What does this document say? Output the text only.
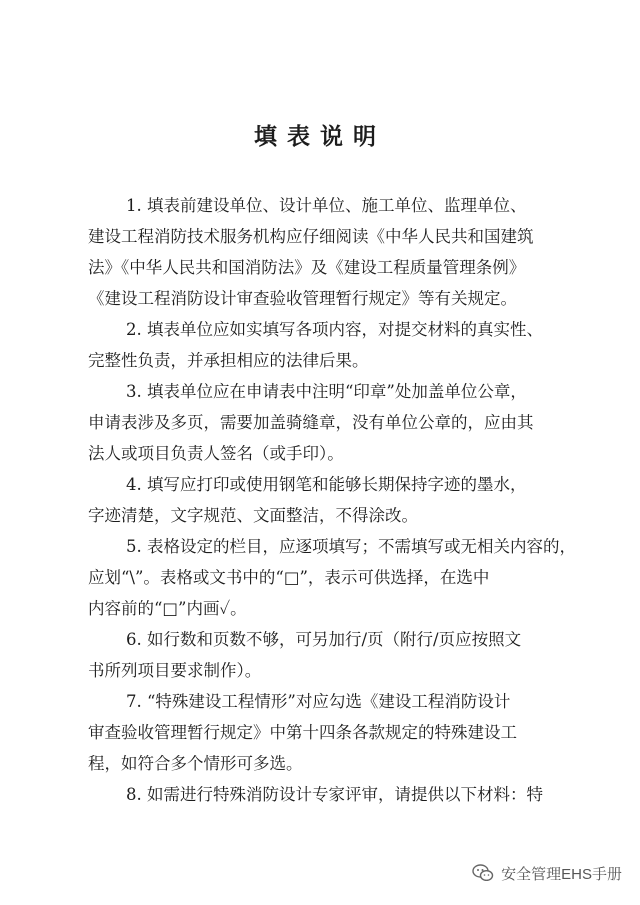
填表说明

1. 填表前建设单位、设计单位、施工单位、监理单位、
建设工程消防技术服务机构应仔细阅读《中华人民共和国建筑
法》《中华人民共和国消防法》及《建设工程质量管理条例》
《建设工程消防设计审查验收管理暂行规定》等有关规定。

2. 填表单位应如实填写各项内容，对提交材料的真实性、
完整性负责，并承担相应的法律后果。

3. 填表单位应在申请表中注明“印章”处加盖单位公章，
申请表涉及多页，需要加盖骑缝章，没有单位公章的，应由其
法人或项目负责人签名（或手印）。

4. 填写应打印或使用钢笔和能够长期保持字迹的墨水，
字迹清楚，文字规范、文面整洁，不得涂改。

5. 表格设定的栏目，应逐项填写；不需填写或无相关内容的，
应划“\”。表格或文书中的“□”，表示可供选择，在选中
内容前的“□”内画✓。

6. 如行数和页数不够，可另加行/页（附行/页应按照文
书所列项目要求制作）。

7. “特殊建设工程情形”对应勾选《建设工程消防设计
审查验收管理暂行规定》中第十四条各款规定的特殊建设工
程，如符合多个情形可多选。

8. 如需进行特殊消防设计专家评审，请提供以下材料：特

安全管理EHS手册
